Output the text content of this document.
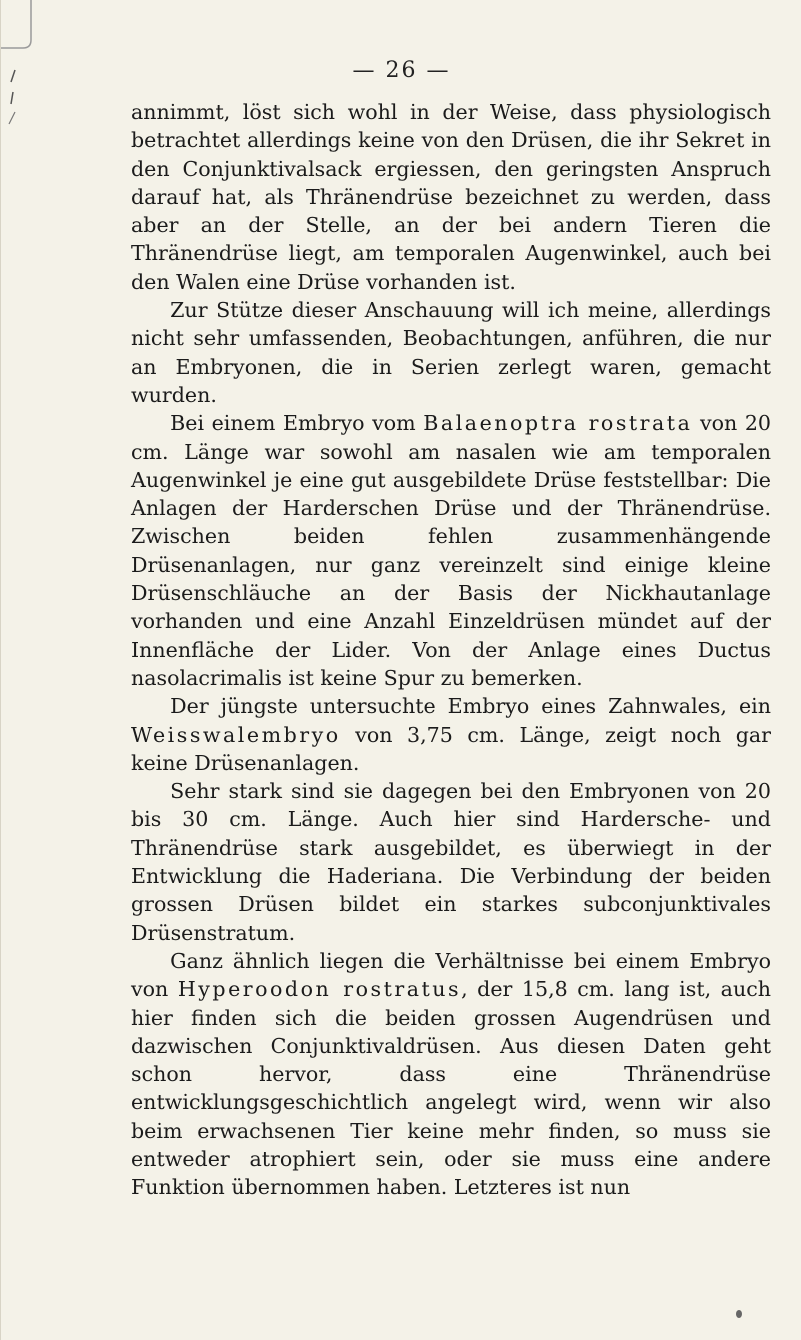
— 26 —

annimmt, löst sich wohl in der Weise, dass physiologisch betrachtet allerdings keine von den Drüsen, die ihr Sekret in den Conjunktivalsack ergiessen, den geringsten Anspruch darauf hat, als Thränendrüse bezeichnet zu werden, dass aber an der Stelle, an der bei andern Tieren die Thränendrüse liegt, am temporalen Augenwinkel, auch bei den Walen eine Drüse vorhanden ist.

Zur Stütze dieser Anschauung will ich meine, allerdings nicht sehr umfassenden, Beobachtungen, anführen, die nur an Embryonen, die in Serien zerlegt waren, gemacht wurden.

Bei einem Embryo vom Balaenoptra rostrata von 20 cm. Länge war sowohl am nasalen wie am temporalen Augenwinkel je eine gut ausgebildete Drüse feststellbar: Die Anlagen der Harderschen Drüse und der Thränendrüse. Zwischen beiden fehlen zusammenhängende Drüsenanlagen, nur ganz vereinzelt sind einige kleine Drüsenschläuche an der Basis der Nickhautanlage vorhanden und eine Anzahl Einzeldrüsen mündet auf der Innenfläche der Lider. Von der Anlage eines Ductus nasolacrimalis ist keine Spur zu bemerken.

Der jüngste untersuchte Embryo eines Zahnwales, ein Weisswalembryo von 3,75 cm. Länge, zeigt noch gar keine Drüsenanlagen.

Sehr stark sind sie dagegen bei den Embryonen von 20 bis 30 cm. Länge. Auch hier sind Hardersche- und Thränendrüse stark ausgebildet, es überwiegt in der Entwicklung die Haderiana. Die Verbindung der beiden grossen Drüsen bildet ein starkes subconjunktivales Drüsenstratum.

Ganz ähnlich liegen die Verhältnisse bei einem Embryo von Hyperoodon rostratus, der 15,8 cm. lang ist, auch hier finden sich die beiden grossen Augendrüsen und dazwischen Conjunktivaldrüsen. Aus diesen Daten geht schon hervor, dass eine Thränendrüse entwicklungsgeschichtlich angelegt wird, wenn wir also beim erwachsenen Tier keine mehr finden, so muss sie entweder atrophiert sein, oder sie muss eine andere Funktion übernommen haben. Letzteres ist nun
